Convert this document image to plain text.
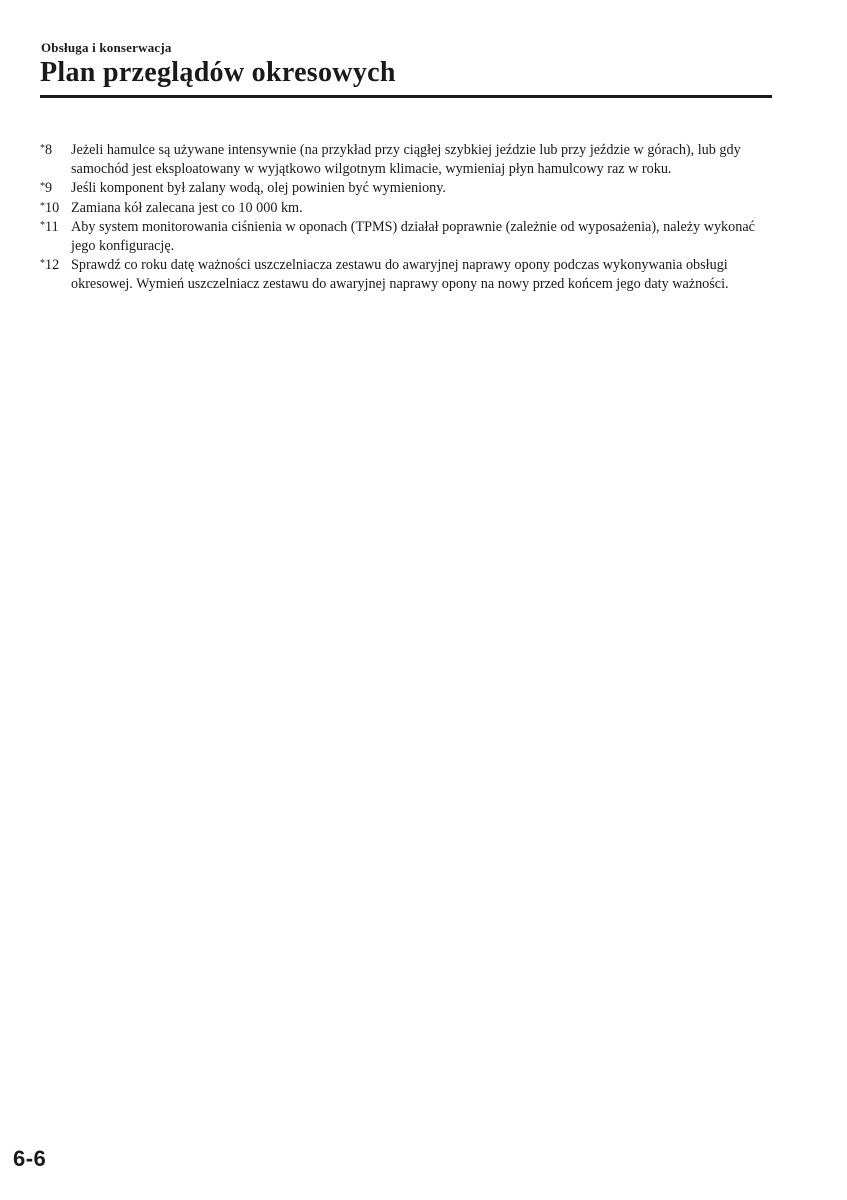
Obsługa i konserwacja
Plan przeglądów okresowych
*8	Jeżeli hamulce są używane intensywnie (na przykład przy ciągłej szybkiej jeździe lub przy jeździe w górach), lub gdy samochód jest eksploatowany w wyjątkowo wilgotnym klimacie, wymieniaj płyn hamulcowy raz w roku.
*9	Jeśli komponent był zalany wodą, olej powinien być wymieniony.
*10 Zamiana kół zalecana jest co 10 000 km.
*11 Aby system monitorowania ciśnienia w oponach (TPMS) działał poprawnie (zależnie od wyposażenia), należy wykonać jego konfigurację.
*12 Sprawdź co roku datę ważności uszczelniacza zestawu do awaryjnej naprawy opony podczas wykonywania obsługi okresowej. Wymień uszczelniacz zestawu do awaryjnej naprawy opony na nowy przed końcem jego daty ważności.
6-6
